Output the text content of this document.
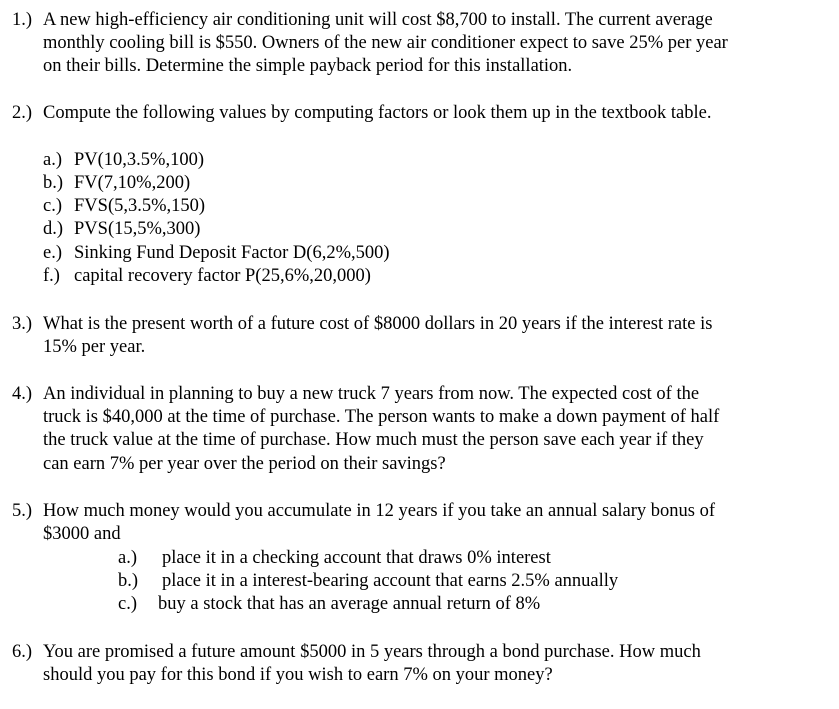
1.) A new high-efficiency air conditioning unit will cost $8,700 to install. The current average
monthly cooling bill is $550. Owners of the new air conditioner expect to save 25% per year
on their bills. Determine the simple payback period for this installation.
2.) Compute the following values by computing factors or look them up in the textbook table.
a.) PV(10,3.5%,100)
b.) FV(7,10%,200)
c.) FVS(5,3.5%,150)
d.) PVS(15,5%,300)
e.) Sinking Fund Deposit Factor D(6,2%,500)
f.) capital recovery factor P(25,6%,20,000)
3.) What is the present worth of a future cost of $8000 dollars in 20 years if the interest rate is
15% per year.
4.) An individual in planning to buy a new truck 7 years from now. The expected cost of the
truck is $40,000 at the time of purchase. The person wants to make a down payment of half
the truck value at the time of purchase. How much must the person save each year if they
can earn 7% per year over the period on their savings?
5.) How much money would you accumulate in 12 years if you take an annual salary bonus of
$3000 and
a.) place it in a checking account that draws 0% interest
b.) place it in a interest-bearing account that earns 2.5% annually
c.) buy a stock that has an average annual return of 8%
6.) You are promised a future amount $5000 in 5 years through a bond purchase. How much
should you pay for this bond if you wish to earn 7% on your money?
